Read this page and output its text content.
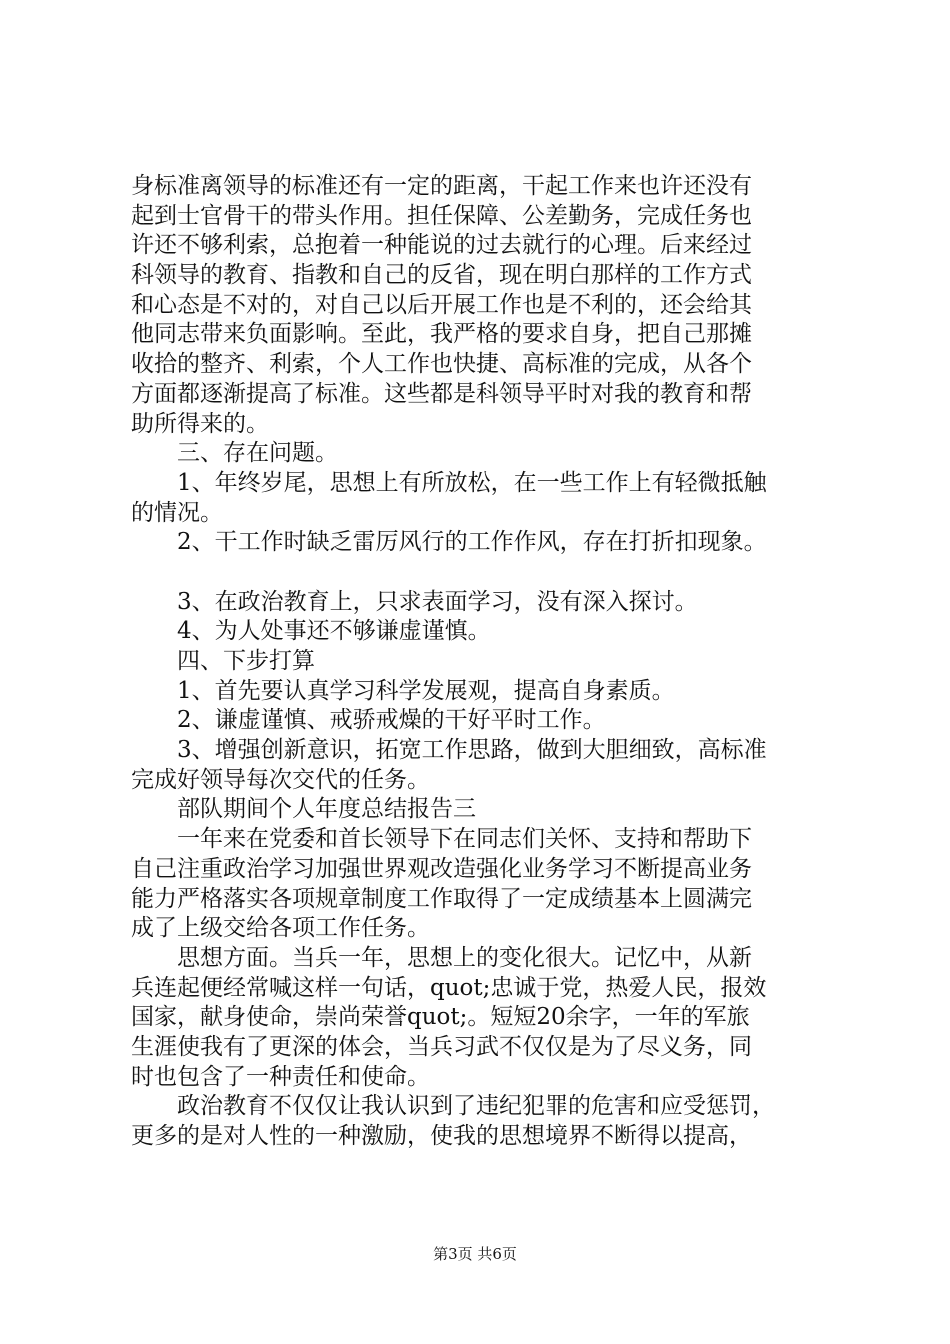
身标准离领导的标准还有一定的距离，干起工作来也许还没有
起到士官骨干的带头作用。担任保障、公差勤务，完成任务也
许还不够利索，总抱着一种能说的过去就行的心理。后来经过
科领导的教育、指教和自己的反省，现在明白那样的工作方式
和心态是不对的，对自己以后开展工作也是不利的，还会给其
他同志带来负面影响。至此，我严格的要求自身，把自己那摊
收拾的整齐、利索，个人工作也快捷、高标准的完成，从各个
方面都逐渐提高了标准。这些都是科领导平时对我的教育和帮
助所得来的。
三、存在问题。
1、年终岁尾，思想上有所放松，在一些工作上有轻微抵触
的情况。
2、干工作时缺乏雷厉风行的工作作风，存在打折扣现象。
3、在政治教育上，只求表面学习，没有深入探讨。
4、为人处事还不够谦虚谨慎。
四、下步打算
1、首先要认真学习科学发展观，提高自身素质。
2、谦虚谨慎、戒骄戒燥的干好平时工作。
3、增强创新意识，拓宽工作思路，做到大胆细致，高标准
完成好领导每次交代的任务。
部队期间个人年度总结报告三
一年来在党委和首长领导下在同志们关怀、支持和帮助下
自己注重政治学习加强世界观改造强化业务学习不断提高业务
能力严格落实各项规章制度工作取得了一定成绩基本上圆满完
成了上级交给各项工作任务。
思想方面。当兵一年，思想上的变化很大。记忆中，从新
兵连起便经常喊这样一句话，quot;忠诚于党，热爱人民，报效
国家，献身使命，崇尚荣誉quot;。短短20余字，一年的军旅
生涯使我有了更深的体会，当兵习武不仅仅是为了尽义务，同
时也包含了一种责任和使命。
政治教育不仅仅让我认识到了违纪犯罪的危害和应受惩罚，
更多的是对人性的一种激励，使我的思想境界不断得以提高，
第3页 共6页
